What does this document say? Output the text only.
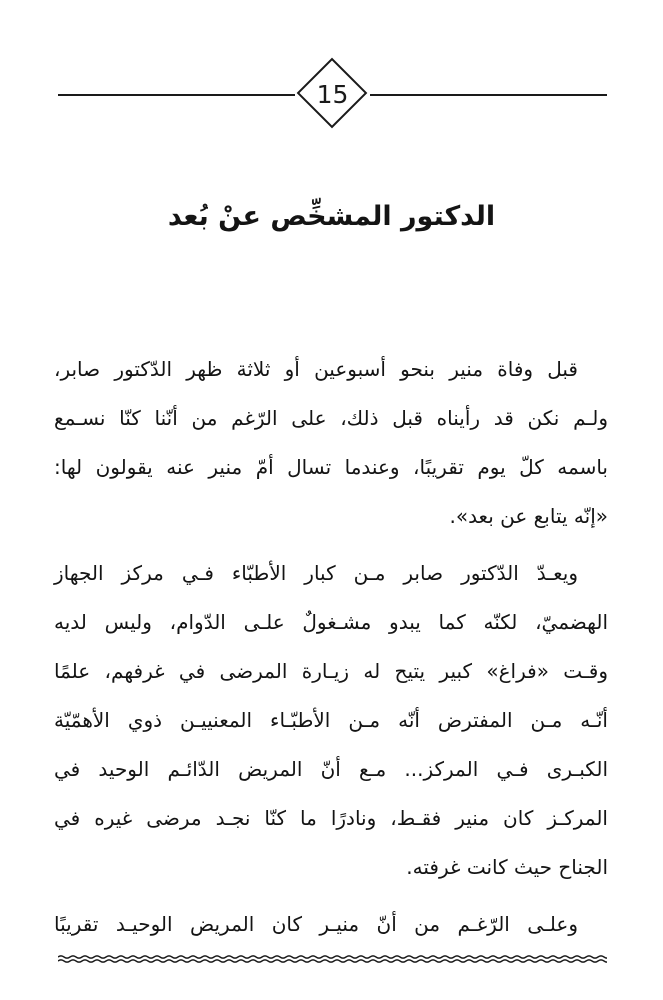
15
الدكتور المشخِّص عنْ بُعد
قبل وفاة منير بنحو أسبوعين أو ثلاثة ظهر الدّكتور صابر،
ولـم نكن قد رأيناه قبل ذلك، على الرّغم من أنّنا كنّا نسـمع
باسمه كلّ يوم تقريبًا، وعندما تسال أمّ منير عنه يقولون لها:
«إنّه يتابع عن بعد».
ويعـدّ الدّكتور صابر مـن كبار الأطبّاء فـي مركز الجهاز
الهضميّ، لكنّه كما يبدو مشـغولٌ علـى الدّوام، وليس لديه
وقـت «فراغ» كبير يتيح له زيـارة المرضى في غرفهم، علمًا
أنّـه مـن المفترض أنّه مـن الأطبّـاء المعنييـن ذوي الأهمّيّة
الكبـرى فـي المركز... مـع أنّ المريض الدّائـم الوحيد في
المركـز كان منير فقـط، ونادرًا ما كنّا نجـد مرضى غيره في
الجناح حيث كانت غرفته.
وعلـى الرّغـم من أنّ منيـر كان المريض الوحيـد تقريبًا
